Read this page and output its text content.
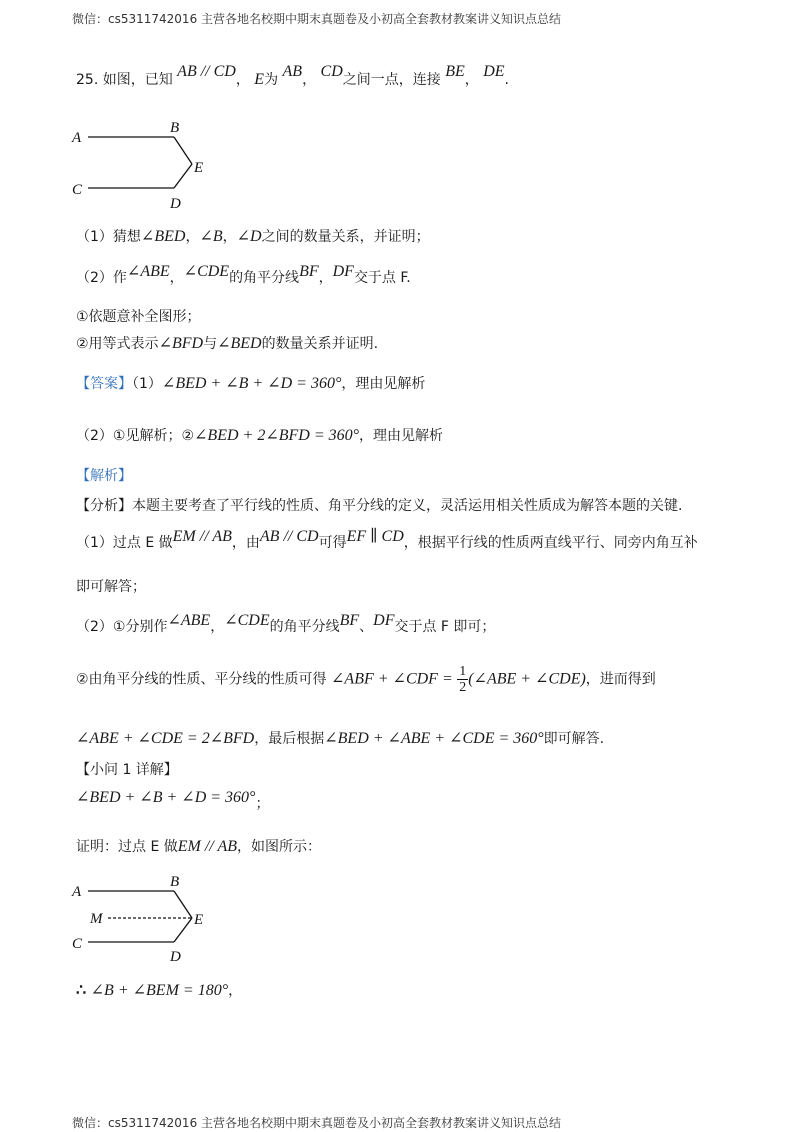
微信：cs5311742016 主营各地名校期中期末真题卷及小初高全套教材教案讲义知识点总结
25. 如图，已知 AB // CD， E为 AB， CD之间一点，连接 BE， DE.
A
B
C
D
E
（1）猜想∠BED，∠B，∠D之间的数量关系，并证明；
（2）作∠ABE，∠CDE的角平分线BF，DF交于点 F.
①依题意补全图形；
②用等式表示∠BFD与∠BED的数量关系并证明.
【答案】（1）∠BED + ∠B + ∠D = 360°，理由见解析
（2）①见解析；②∠BED + 2∠BFD = 360°，理由见解析
【解析】
【分析】本题主要考查了平行线的性质、角平分线的定义，灵活运用相关性质成为解答本题的关键.
（1）过点 E 做EM // AB，由AB // CD可得EF ∥ CD，根据平行线的性质两直线平行、同旁内角互补
即可解答；
（2）①分别作∠ABE，∠CDE的角平分线BF、DF交于点 F 即可；
②由角平分线的性质、平分线的性质可得 ∠ABF + ∠CDF = $\frac{1}{2}$ (∠ABE + ∠CDE)，进而得到
∠ABE + ∠CDE = 2∠BFD，最后根据∠BED + ∠ABE + ∠CDE = 360°即可解答.
【小问 1 详解】
∠BED + ∠B + ∠D = 360°；
证明：过点 E 做EM // AB，如图所示：
A
B
M
C
D
E
∴ ∠B + ∠BEM = 180°，
微信：cs5311742016 主营各地名校期中期末真题卷及小初高全套教材教案讲义知识点总结
